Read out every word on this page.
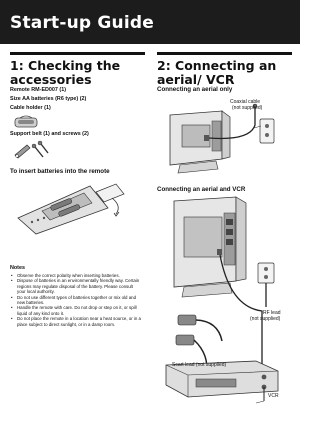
Start-up Guide
1: Checking the accessories
Remote RM-ED007 (1)
Size AA batteries (R6 type) (2)
Cable holder (1)
Support belt (1) and screws (2)
To insert batteries into the remote
Notes
• Observe the correct polarity when inserting batteries.
• Dispose of batteries in an environmentally friendly way. Certain regions may regulate disposal of the battery. Please consult your local authority.
• Do not use different types of batteries together or mix old and new batteries.
• Handle the remote with care. Do not drop or step on it, or spill liquid of any kind onto it.
• Do not place the remote in a location near a heat source, or in a place subject to direct sunlight, or in a damp room.
2: Connecting an aerial/ VCR
Connecting an aerial only
Coaxial cable
(not supplied)
Connecting an aerial and VCR
RF lead
(not supplied)
Scart lead (not supplied)
VCR
